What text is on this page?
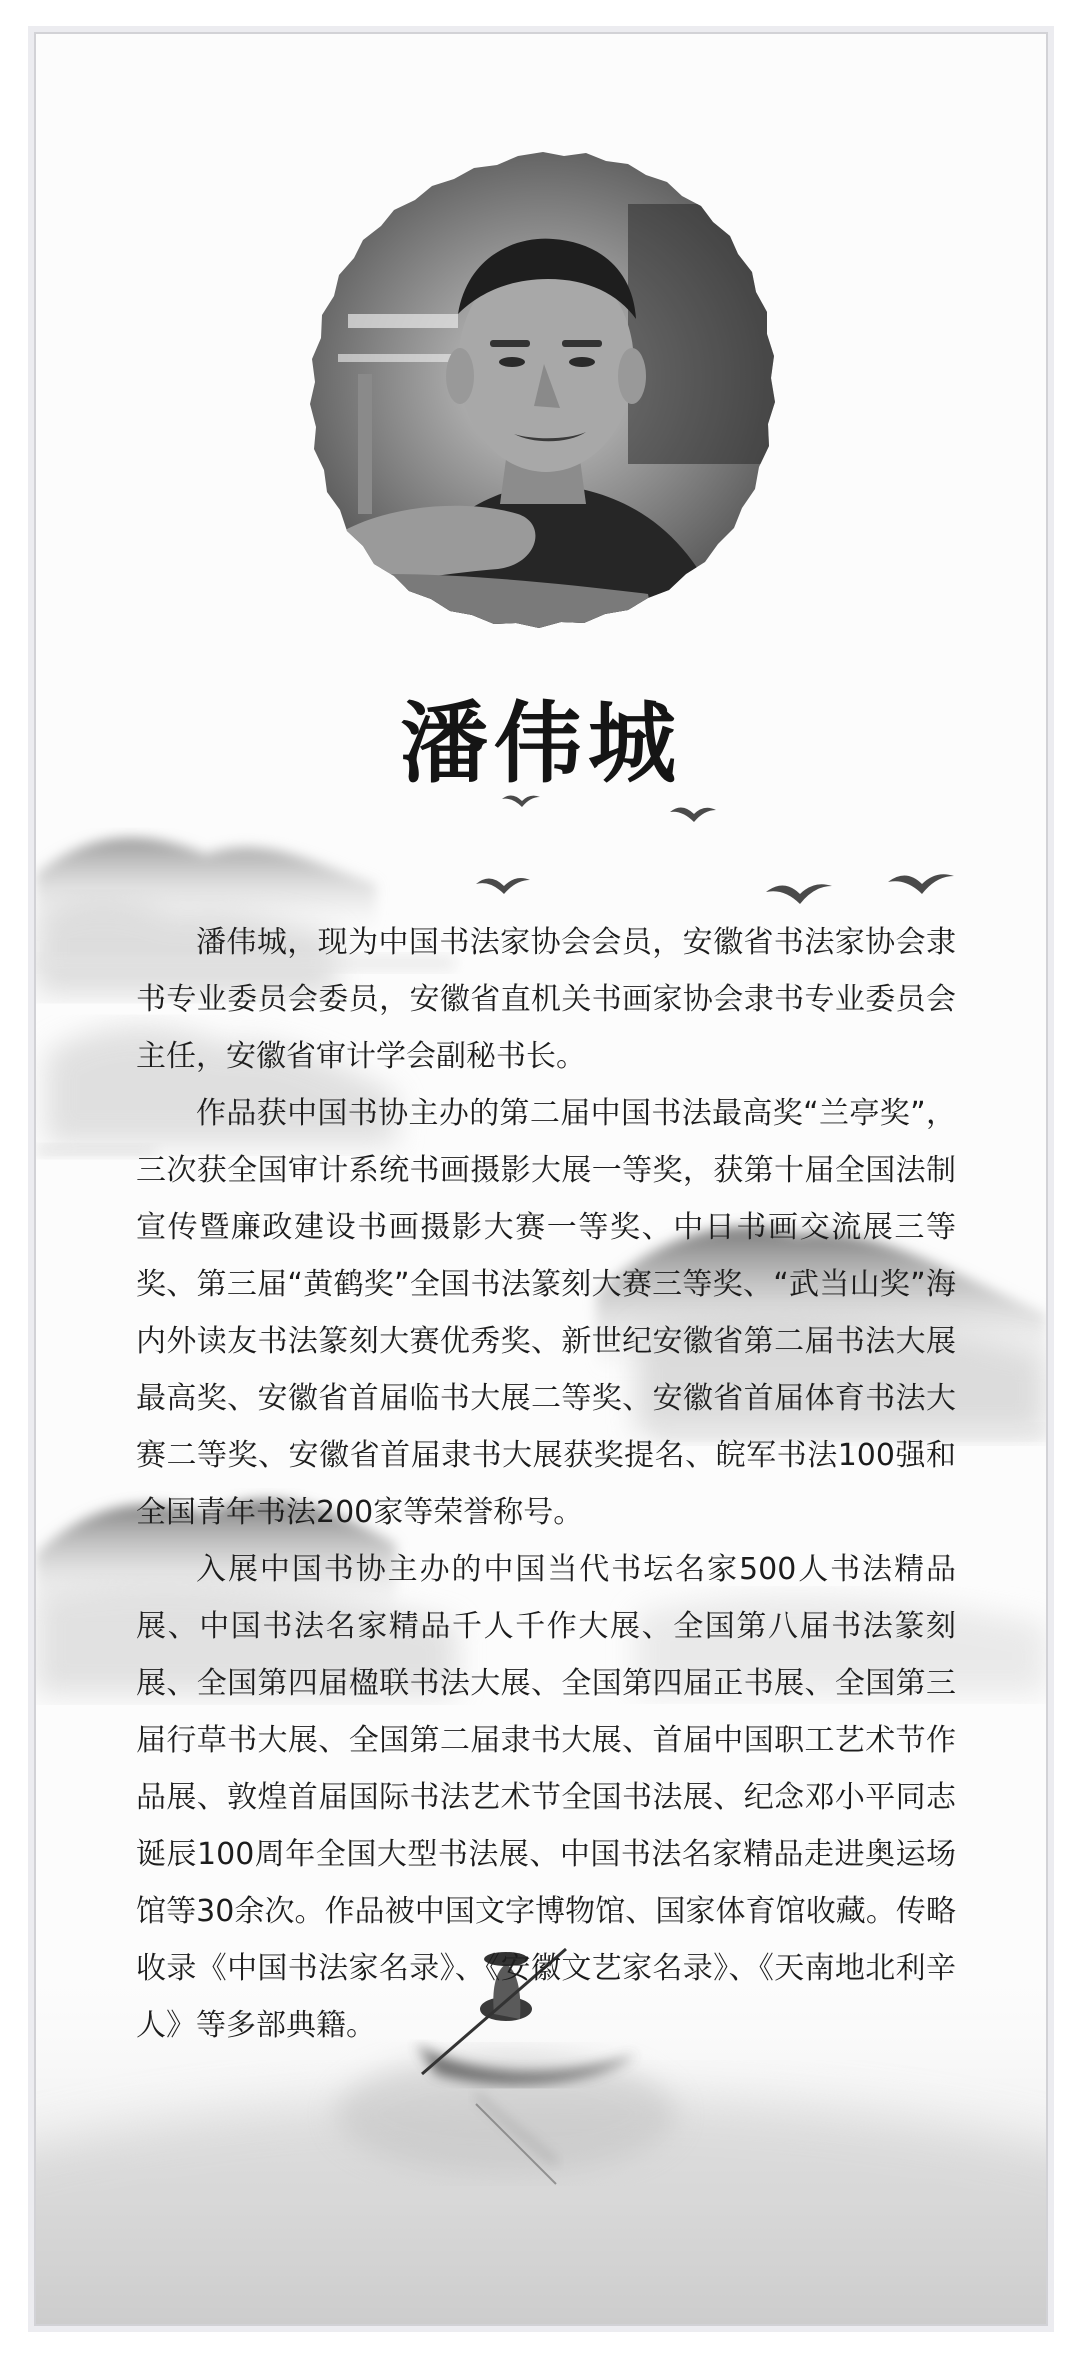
潘伟城

潘伟城，现为中国书法家协会会员，安徽省书法家协会隶书专业委员会委员，安徽省直机关书画家协会隶书专业委员会主任，安徽省审计学会副秘书长。

作品获中国书协主办的第二届中国书法最高奖“兰亭奖”，三次获全国审计系统书画摄影大展一等奖，获第十届全国法制宣传暨廉政建设书画摄影大赛一等奖、中日书画交流展三等奖、第三届“黄鹤奖”全国书法篆刻大赛三等奖、“武当山奖”海内外读友书法篆刻大赛优秀奖、新世纪安徽省第二届书法大展最高奖、安徽省首届临书大展二等奖、安徽省首届体育书法大赛二等奖、安徽省首届隶书大展获奖提名、皖军书法100强和全国青年书法200家等荣誉称号。

入展中国书协主办的中国当代书坛名家500人书法精品展、中国书法名家精品千人千作大展、全国第八届书法篆刻展、全国第四届楹联书法大展、全国第四届正书展、全国第三届行草书大展、全国第二届隶书大展、首届中国职工艺术节作品展、敦煌首届国际书法艺术节全国书法展、纪念邓小平同志诞辰100周年全国大型书法展、中国书法名家精品走进奥运场馆等30余次。作品被中国文字博物馆、国家体育馆收藏。传略收录《中国书法家名录》、《安徽文艺家名录》、《天南地北利辛人》等多部典籍。
